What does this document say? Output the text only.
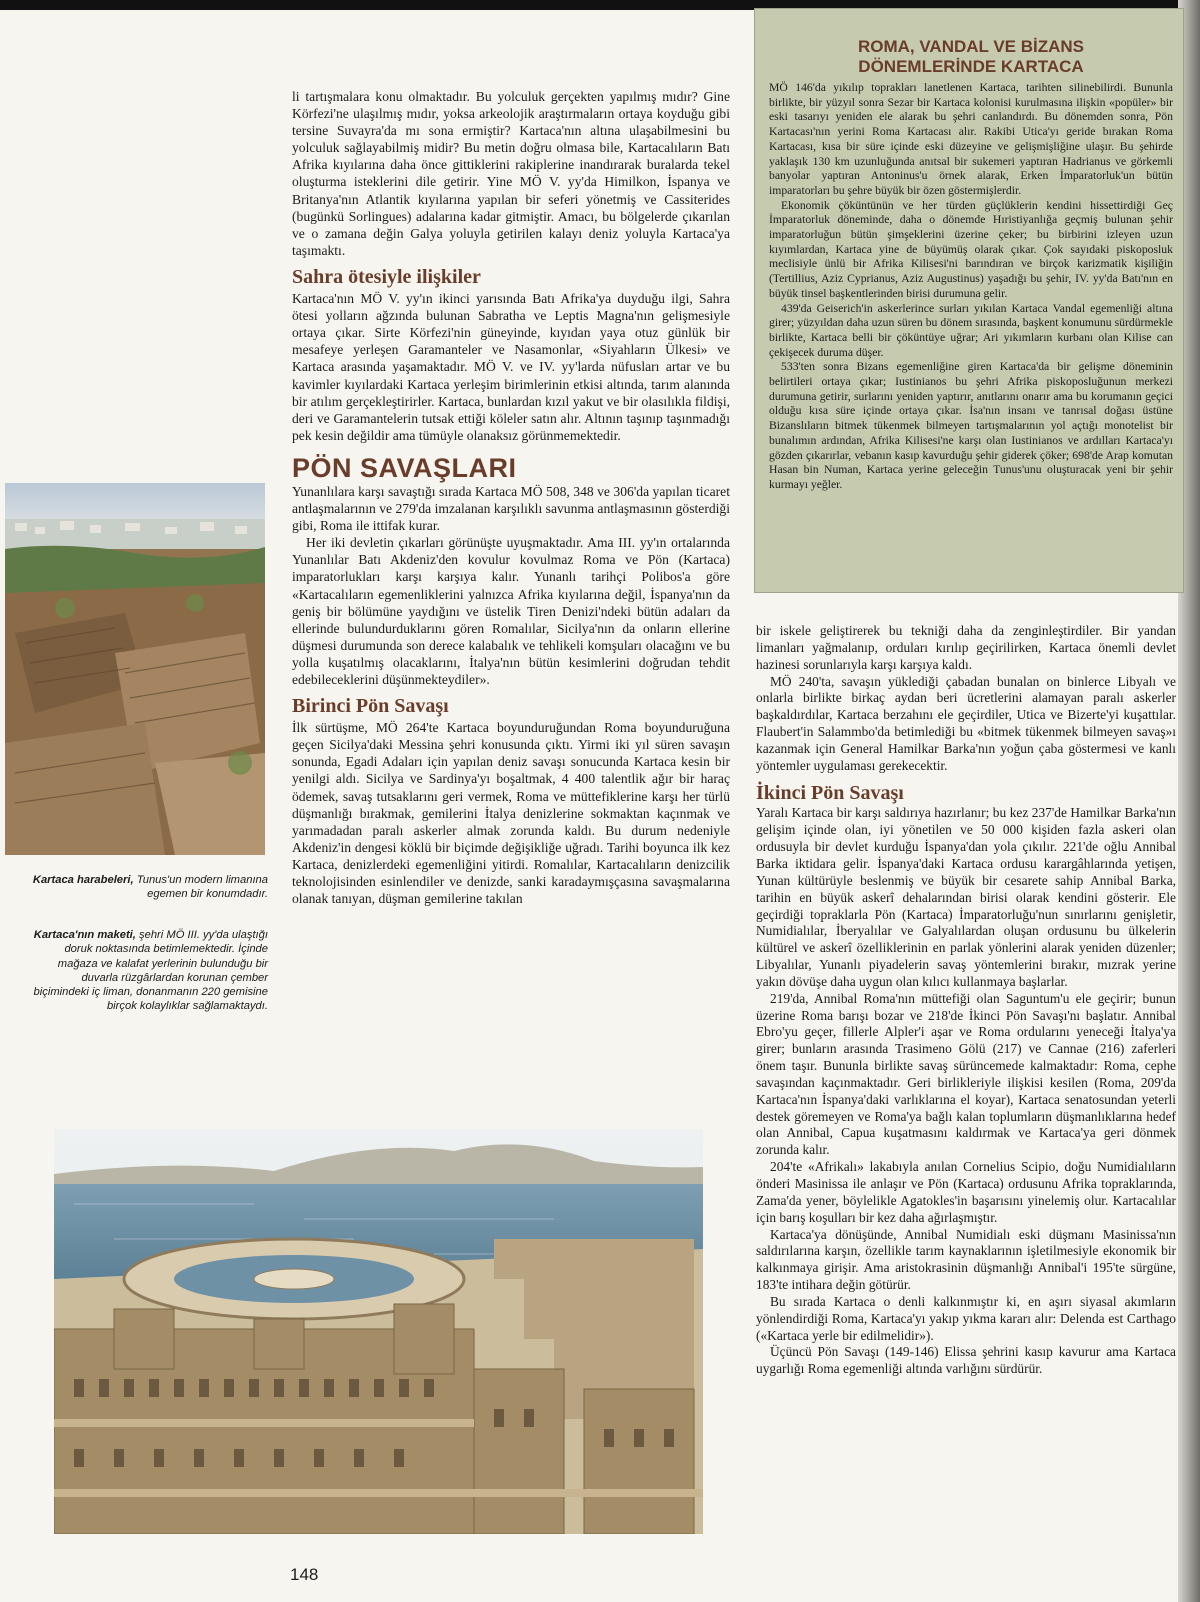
ROMA, VANDAL VE BİZANS
DÖNEMLERİNDE KARTACA

MÖ 146'da yıkılıp toprakları lanetlenen Kartaca, tarihten silinebilirdi. Bununla birlikte, bir yüzyıl sonra Sezar bir Kartaca kolonisi kurulmasına ilişkin «popüler» bir eski tasarıyı yeniden ele alarak bu şehri canlandırdı. Bu dönemden sonra, Pön Kartacası'nın yerini Roma Kartacası alır. Rakibi Utica'yı geride bırakan Roma Kartacası, kısa bir süre içinde eski düzeyine ve gelişmişliğine ulaşır. Bu şehirde yaklaşık 130 km uzunluğunda anıtsal bir sukemeri yaptıran Hadrianus ve görkemli banyolar yaptıran Antoninus'u örnek alarak, Erken İmparatorluk'un bütün imparatorları bu şehre büyük bir özen göstermişlerdir.

Ekonomik çöküntünün ve her türden güçlüklerin kendini hissettirdiği Geç İmparatorluk döneminde, daha o dönemde Hıristiyanlığa geçmiş bulunan şehir imparatorluğun bütün şimşeklerini üzerine çeker; bu birbirini izleyen uzun kıyımlardan, Kartaca yine de büyümüş olarak çıkar. Çok sayıdaki piskoposluk meclisiyle ünlü bir Afrika Kilisesi'ni barındıran ve birçok karizmatik kişiliğin (Tertillius, Aziz Cyprianus, Aziz Augustinus) yaşadığı bu şehir, IV. yy'da Batı'nın en büyük tinsel başkentlerinden birisi durumuna gelir.

439'da Geiserich'in askerlerince surları yıkılan Kartaca Vandal egemenliği altına girer; yüzyıldan daha uzun süren bu dönem sırasında, başkent konumunu sürdürmekle birlikte, Kartaca belli bir çöküntüye uğrar; Ari yıkımların kurbanı olan Kilise can çekişecek duruma düşer.

533'ten sonra Bizans egemenliğine giren Kartaca'da bir gelişme döneminin belirtileri ortaya çıkar; Iustinianos bu şehri Afrika piskoposluğunun merkezi durumuna getirir, surlarını yeniden yaptırır, anıtlarını onarır ama bu korumanın geçici olduğu kısa süre içinde ortaya çıkar. İsa'nın insanı ve tanrısal doğası üstüne Bizanslıların bitmek tükenmek bilmeyen tartışmalarının yol açtığı monotelist bir bunalımın ardından, Afrika Kilisesi'ne karşı olan Iustinianos ve ardılları Kartaca'yı gözden çıkarırlar, vebanın kasıp kavurduğu şehir giderek çöker; 698'de Arap komutan Hasan bin Numan, Kartaca yerine geleceğin Tunus'unu oluşturacak yeni bir şehir kurmayı yeğler.

li tartışmalara konu olmaktadır. Bu yolculuk gerçekten yapılmış mıdır? Gine Körfezi'ne ulaşılmış mıdır, yoksa arkeolojik araştırmaların ortaya koyduğu gibi tersine Suvayra'da mı sona ermiştir? Kartaca'nın altına ulaşabilmesini bu yolculuk sağlayabilmiş midir? Bu metin doğru olmasa bile, Kartacalıların Batı Afrika kıyılarına daha önce gittiklerini rakiplerine inandırarak buralarda tekel oluşturma isteklerini dile getirir. Yine MÖ V. yy'da Himilkon, İspanya ve Britanya'nın Atlantik kıyılarına yapılan bir seferi yönetmiş ve Cassiterides (bugünkü Sorlingues) adalarına kadar gitmiştir. Amacı, bu bölgelerde çıkarılan ve o zamana değin Galya yoluyla getirilen kalayı deniz yoluyla Kartaca'ya taşımaktı.

Sahra ötesiyle ilişkiler

Kartaca'nın MÖ V. yy'ın ikinci yarısında Batı Afrika'ya duyduğu ilgi, Sahra ötesi yolların ağzında bulunan Sabratha ve Leptis Magna'nın gelişmesiyle ortaya çıkar. Sirte Körfezi'nin güneyinde, kıyıdan yaya otuz günlük bir mesafeye yerleşen Garamanteler ve Nasamonlar, «Siyahların Ülkesi» ve Kartaca arasında yaşamaktadır. MÖ V. ve IV. yy'larda nüfusları artar ve bu kavimler kıyılardaki Kartaca yerleşim birimlerinin etkisi altında, tarım alanında bir atılım gerçekleştirirler. Kartaca, bunlardan kızıl yakut ve bir olasılıkla fildişi, deri ve Garamantelerin tutsak ettiği köleler satın alır. Altının taşınıp taşınmadığı pek kesin değildir ama tümüyle olanaksız görünmemektedir.

PÖN SAVAŞLARI

Yunanlılara karşı savaştığı sırada Kartaca MÖ 508, 348 ve 306'da yapılan ticaret antlaşmalarının ve 279'da imzalanan karşılıklı savunma antlaşmasının gösterdiği gibi, Roma ile ittifak kurar.

Her iki devletin çıkarları görünüşte uyuşmaktadır. Ama III. yy'ın ortalarında Yunanlılar Batı Akdeniz'den kovulur kovulmaz Roma ve Pön (Kartaca) imparatorlukları karşı karşıya kalır. Yunanlı tarihçi Polibos'a göre «Kartacalıların egemenliklerini yalnızca Afrika kıyılarına değil, İspanya'nın da geniş bir bölümüne yaydığını ve üstelik Tiren Denizi'ndeki bütün adaları da ellerinde bulundurduklarını gören Romalılar, Sicilya'nın da onların ellerine düşmesi durumunda son derece kalabalık ve tehlikeli komşuları olacağını ve bu yolla kuşatılmış olacaklarını, İtalya'nın bütün kesimlerini doğrudan tehdit edebileceklerini düşünmekteydiler».

Birinci Pön Savaşı

İlk sürtüşme, MÖ 264'te Kartaca boyunduruğundan Roma boyunduruğuna geçen Sicilya'daki Messina şehri konusunda çıktı. Yirmi iki yıl süren savaşın sonunda, Egadi Adaları için yapılan deniz savaşı sonucunda Kartaca kesin bir yenilgi aldı. Sicilya ve Sardinya'yı boşaltmak, 4 400 talentlik ağır bir haraç ödemek, savaş tutsaklarını geri vermek, Roma ve müttefiklerine karşı her türlü düşmanlığı bırakmak, gemilerini İtalya denizlerine sokmaktan kaçınmak ve yarımadadan paralı askerler almak zorunda kaldı. Bu durum nedeniyle Akdeniz'in dengesi köklü bir biçimde değişikliğe uğradı. Tarihi boyunca ilk kez Kartaca, denizlerdeki egemenliğini yitirdi. Romalılar, Kartacalıların denizcilik teknolojisinden esinlendiler ve denizde, sanki karadaymışçasına savaşmalarına olanak tanıyan, düşman gemilerine takılan

bir iskele geliştirerek bu tekniği daha da zenginleştirdiler. Bir yandan limanları yağmalanıp, orduları kırılıp geçirilirken, Kartaca önemli devlet hazinesi sorunlarıyla karşı karşıya kaldı.

MÖ 240'ta, savaşın yüklediği çabadan bunalan on binlerce Libyalı ve onlarla birlikte birkaç aydan beri ücretlerini alamayan paralı askerler başkaldırdılar, Kartaca berzahını ele geçirdiler, Utica ve Bizerte'yi kuşattılar. Flaubert'in Salammbo'da betimlediği bu «bitmek tükenmek bilmeyen savaş»ı kazanmak için General Hamilkar Barka'nın yoğun çaba göstermesi ve kanlı yöntemler uygulaması gerekecektir.

İkinci Pön Savaşı

Yaralı Kartaca bir karşı saldırıya hazırlanır; bu kez 237'de Hamilkar Barka'nın gelişim içinde olan, iyi yönetilen ve 50 000 kişiden fazla askeri olan ordusuyla bir devlet kurduğu İspanya'dan yola çıkılır. 221'de oğlu Annibal Barka iktidara gelir. İspanya'daki Kartaca ordusu karargâhlarında yetişen, Yunan kültürüyle beslenmiş ve büyük bir cesarete sahip Annibal Barka, tarihin en büyük askerî dehalarından birisi olarak kendini gösterir. Ele geçirdiği topraklarla Pön (Kartaca) İmparatorluğu'nun sınırlarını genişletir, Numidialılar, İberyalılar ve Galyalılardan oluşan ordusunu bu ülkelerin kültürel ve askerî özelliklerinin en parlak yönlerini alarak yeniden düzenler; Libyalılar, Yunanlı piyadelerin savaş yöntemlerini bırakır, mızrak yerine yakın dövüşe daha uygun olan kılıcı kullanmaya başlarlar.

219'da, Annibal Roma'nın müttefiği olan Saguntum'u ele geçirir; bunun üzerine Roma barışı bozar ve 218'de İkinci Pön Savaşı'nı başlatır. Annibal Ebro'yu geçer, fillerle Alpler'i aşar ve Roma ordularını yeneceği İtalya'ya girer; bunların arasında Trasimeno Gölü (217) ve Cannae (216) zaferleri önem taşır. Bununla birlikte savaş sürüncemede kalmaktadır: Roma, cephe savaşından kaçınmaktadır. Geri birlikleriyle ilişkisi kesilen (Roma, 209'da Kartaca'nın İspanya'daki varlıklarına el koyar), Kartaca senatosundan yeterli destek göremeyen ve Roma'ya bağlı kalan toplumların düşmanlıklarına hedef olan Annibal, Capua kuşatmasını kaldırmak ve Kartaca'ya geri dönmek zorunda kalır.

204'te «Afrikalı» lakabıyla anılan Cornelius Scipio, doğu Numidialıların önderi Masinissa ile anlaşır ve Pön (Kartaca) ordusunu Afrika topraklarında, Zama'da yener, böylelikle Agatokles'in başarısını yinelemiş olur. Kartacalılar için barış koşulları bir kez daha ağırlaşmıştır.

Kartaca'ya dönüşünde, Annibal Numidialı eski düşmanı Masinissa'nın saldırılarına karşın, özellikle tarım kaynaklarının işletilmesiyle ekonomik bir kalkınmaya girişir. Ama aristokrasinin düşmanlığı Annibal'i 195'te sürgüne, 183'te intihara değin götürür.

Bu sırada Kartaca o denli kalkınmıştır ki, en aşırı siyasal akımların yönlendirdiği Roma, Kartaca'yı yakıp yıkma kararı alır: Delenda est Carthago («Kartaca yerle bir edilmelidir»).

Üçüncü Pön Savaşı (149-146) Elissa şehrini kasıp kavurur ama Kartaca uygarlığı Roma egemenliği altında varlığını sürdürür.

Kartaca harabeleri, Tunus'un modern limanına egemen bir konumdadır.
Kartaca'nın maketi, şehri MÖ III. yy'da ulaştığı doruk noktasında betimlemektedir. İçinde mağaza ve kalafat yerlerinin bulunduğu bir duvarla rüzgârlardan korunan çember biçimindeki iç liman, donanmanın 220 gemisine birçok kolaylıklar sağlamaktaydı.
148
